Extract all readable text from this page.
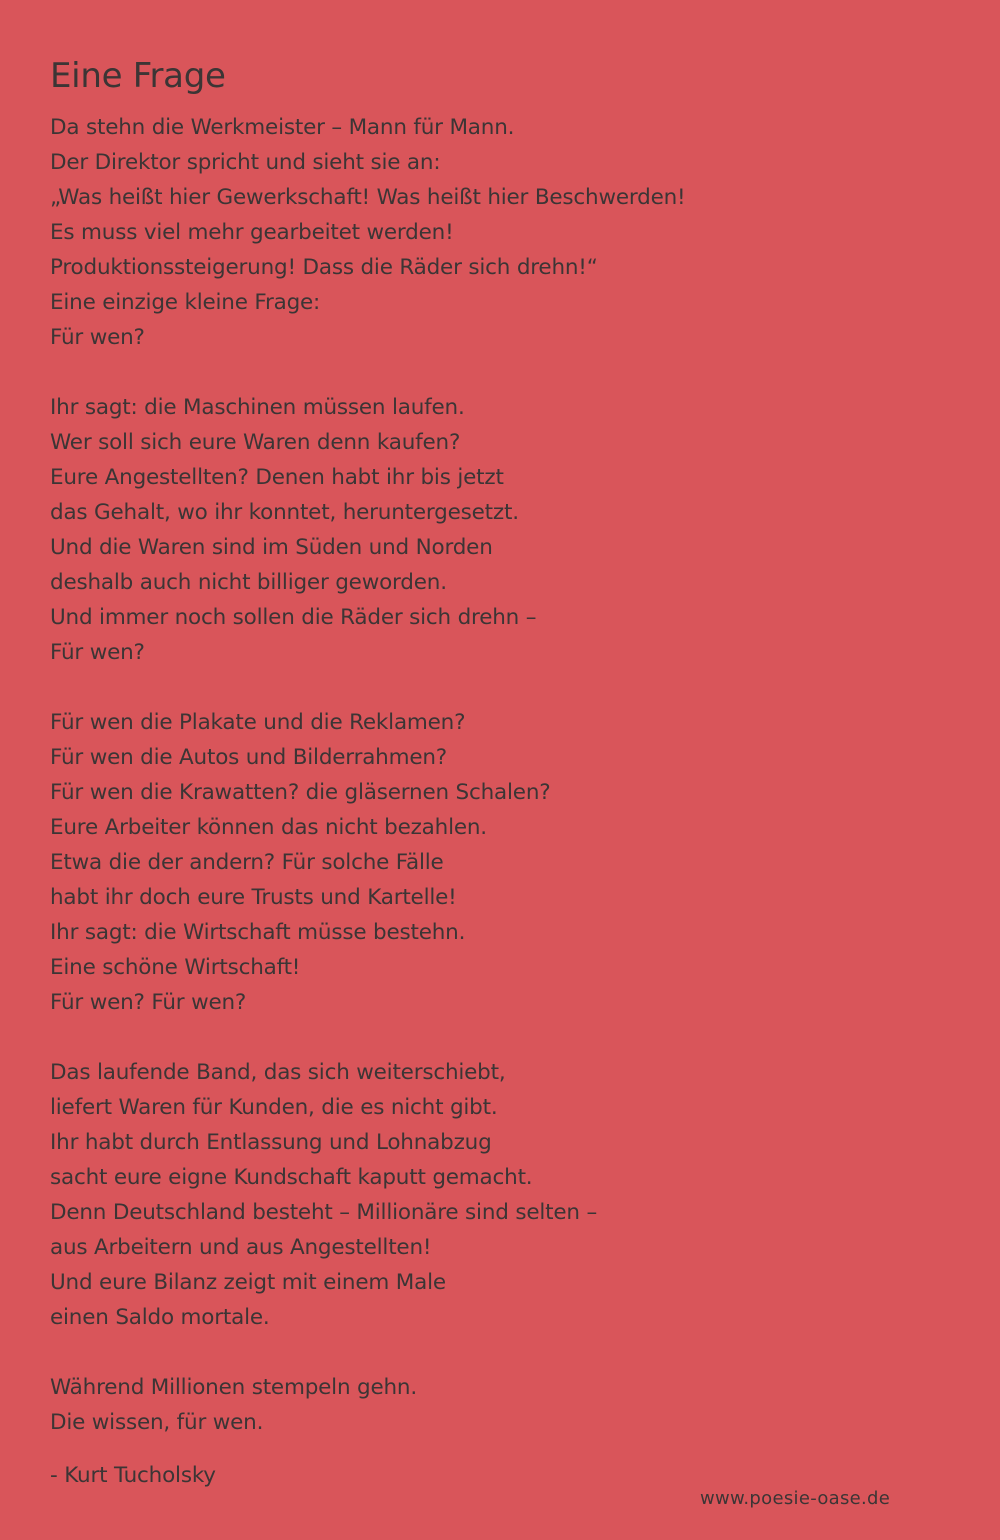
Eine Frage
Da stehn die Werkmeister – Mann für Mann.
Der Direktor spricht und sieht sie an:
„Was heißt hier Gewerkschaft! Was heißt hier Beschwerden!
Es muss viel mehr gearbeitet werden!
Produktionssteigerung! Dass die Räder sich drehn!“
Eine einzige kleine Frage:
Für wen?
Ihr sagt: die Maschinen müssen laufen.
Wer soll sich eure Waren denn kaufen?
Eure Angestellten? Denen habt ihr bis jetzt
das Gehalt, wo ihr konntet, heruntergesetzt.
Und die Waren sind im Süden und Norden
deshalb auch nicht billiger geworden.
Und immer noch sollen die Räder sich drehn –
Für wen?
Für wen die Plakate und die Reklamen?
Für wen die Autos und Bilderrahmen?
Für wen die Krawatten? die gläsernen Schalen?
Eure Arbeiter können das nicht bezahlen.
Etwa die der andern? Für solche Fälle
habt ihr doch eure Trusts und Kartelle!
Ihr sagt: die Wirtschaft müsse bestehn.
Eine schöne Wirtschaft!
Für wen? Für wen?
Das laufende Band, das sich weiterschiebt,
liefert Waren für Kunden, die es nicht gibt.
Ihr habt durch Entlassung und Lohnabzug
sacht eure eigne Kundschaft kaputt gemacht.
Denn Deutschland besteht – Millionäre sind selten –
aus Arbeitern und aus Angestellten!
Und eure Bilanz zeigt mit einem Male
einen Saldo mortale.
Während Millionen stempeln gehn.
Die wissen, für wen.
- Kurt Tucholsky
www.poesie-oase.de
